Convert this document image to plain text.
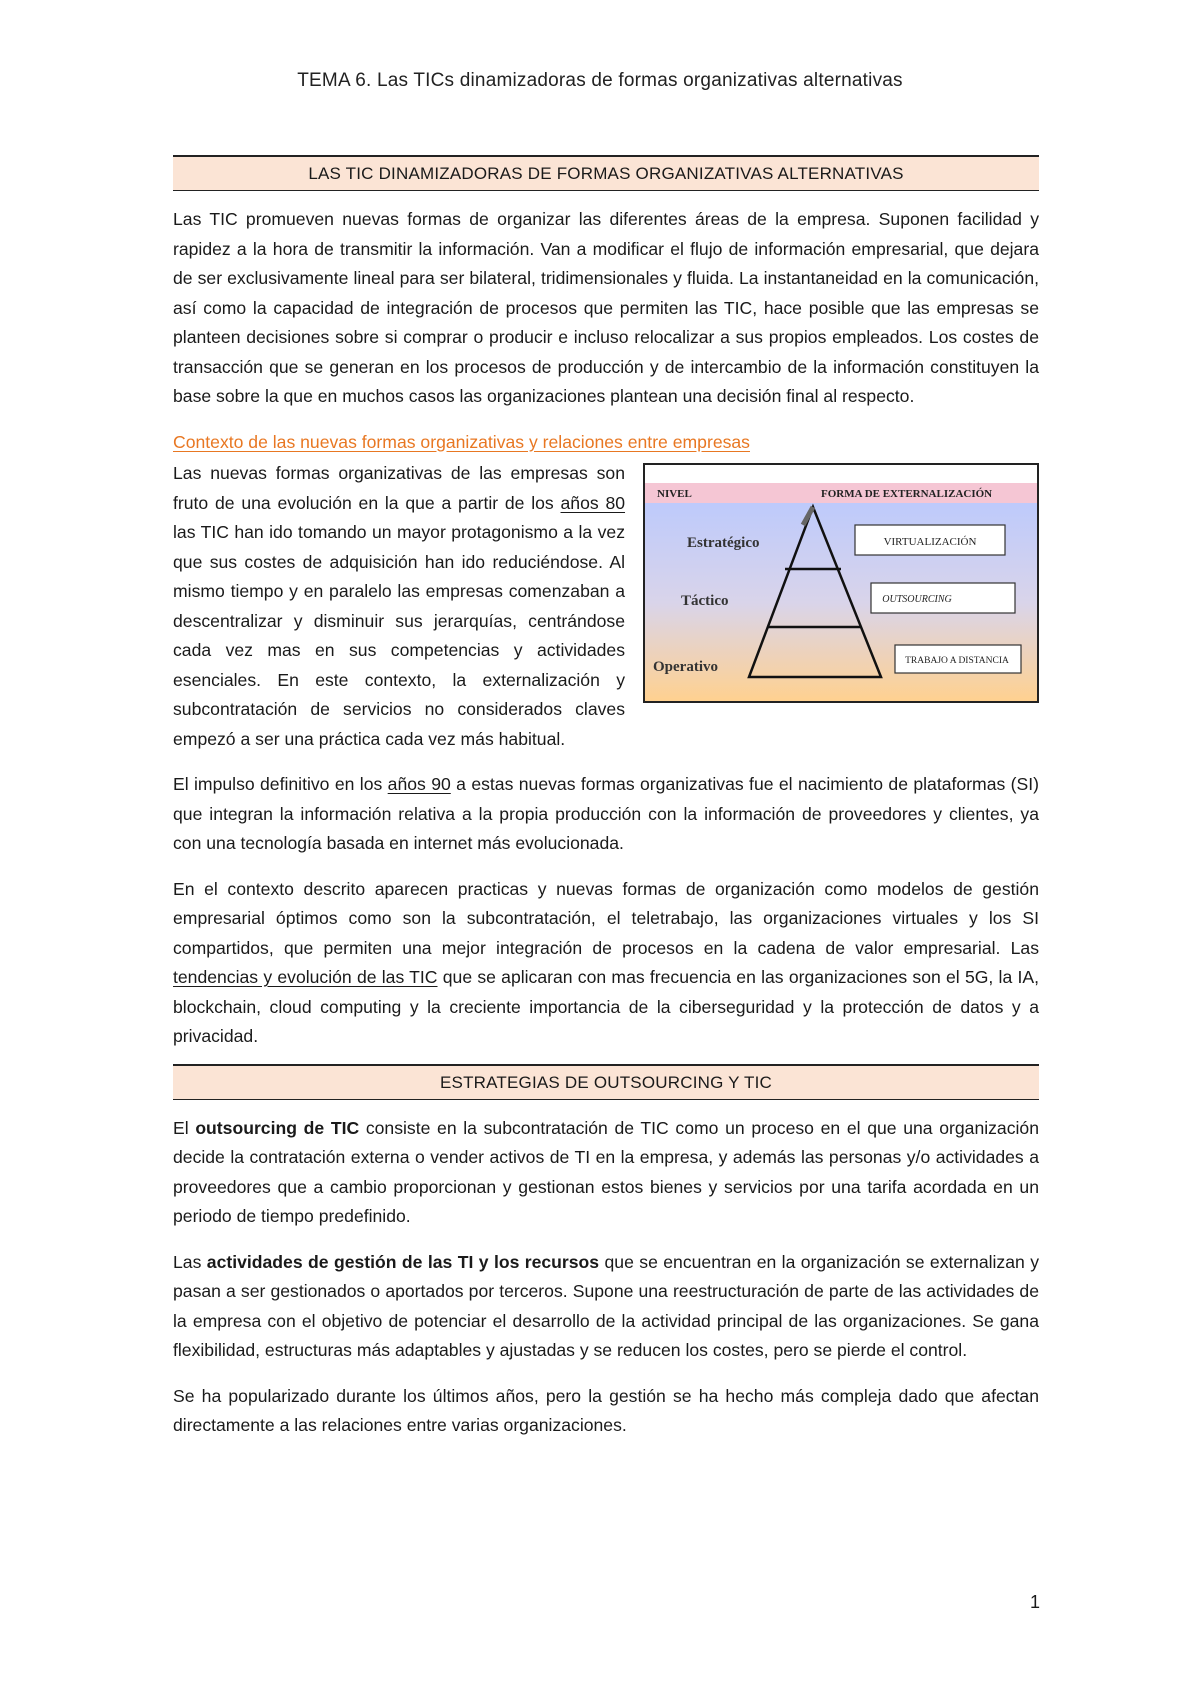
TEMA 6. Las TICs dinamizadoras de formas organizativas alternativas
LAS TIC DINAMIZADORAS DE FORMAS ORGANIZATIVAS ALTERNATIVAS

Las TIC promueven nuevas formas de organizar las diferentes áreas de la empresa. Suponen facilidad y rapidez a la hora de transmitir la información. Van a modificar el flujo de información empresarial, que dejara de ser exclusivamente lineal para ser bilateral, tridimensionales y fluida. La instantaneidad en la comunicación, así como la capacidad de integración de procesos que permiten las TIC, hace posible que las empresas se planteen decisiones sobre si comprar o producir e incluso relocalizar a sus propios empleados. Los costes de transacción que se generan en los procesos de producción y de intercambio de la información constituyen la base sobre la que en muchos casos las organizaciones plantean una decisión final al respecto.

Contexto de las nuevas formas organizativas y relaciones entre empresas
NIVEL	FORMA DE EXTERNALIZACIÓN
Estratégico
Táctico
Operativo
VIRTUALIZACIÓN
OUTSOURCING
TRABAJO A DISTANCIA

Las nuevas formas organizativas de las empresas son fruto de una evolución en la que a partir de los años 80 las TIC han ido tomando un mayor protagonismo a la vez que sus costes de adquisición han ido reduciéndose. Al mismo tiempo y en paralelo las empresas comenzaban a descentralizar y disminuir sus jerarquías, centrándose cada vez mas en sus competencias y actividades esenciales. En este contexto, la externalización y subcontratación de servicios no considerados claves empezó a ser una práctica cada vez más habitual.

El impulso definitivo en los años 90 a estas nuevas formas organizativas fue el nacimiento de plataformas (SI) que integran la información relativa a la propia producción con la información de proveedores y clientes, ya con una tecnología basada en internet más evolucionada.

En el contexto descrito aparecen practicas y nuevas formas de organización como modelos de gestión empresarial óptimos como son la subcontratación, el teletrabajo, las organizaciones virtuales y los SI compartidos, que permiten una mejor integración de procesos en la cadena de valor empresarial. Las tendencias y evolución de las TIC que se aplicaran con mas frecuencia en las organizaciones son el 5G, la IA, blockchain, cloud computing y la creciente importancia de la ciberseguridad y la protección de datos y a privacidad.

ESTRATEGIAS DE OUTSOURCING Y TIC

El outsourcing de TIC consiste en la subcontratación de TIC como un proceso en el que una organización decide la contratación externa o vender activos de TI en la empresa, y además las personas y/o actividades a proveedores que a cambio proporcionan y gestionan estos bienes y servicios por una tarifa acordada en un periodo de tiempo predefinido.

Las actividades de gestión de las TI y los recursos que se encuentran en la organización se externalizan y pasan a ser gestionados o aportados por terceros. Supone una reestructuración de parte de las actividades de la empresa con el objetivo de potenciar el desarrollo de la actividad principal de las organizaciones. Se gana flexibilidad, estructuras más adaptables y ajustadas y se reducen los costes, pero se pierde el control.

Se ha popularizado durante los últimos años, pero la gestión se ha hecho más compleja dado que afectan directamente a las relaciones entre varias organizaciones.

1
